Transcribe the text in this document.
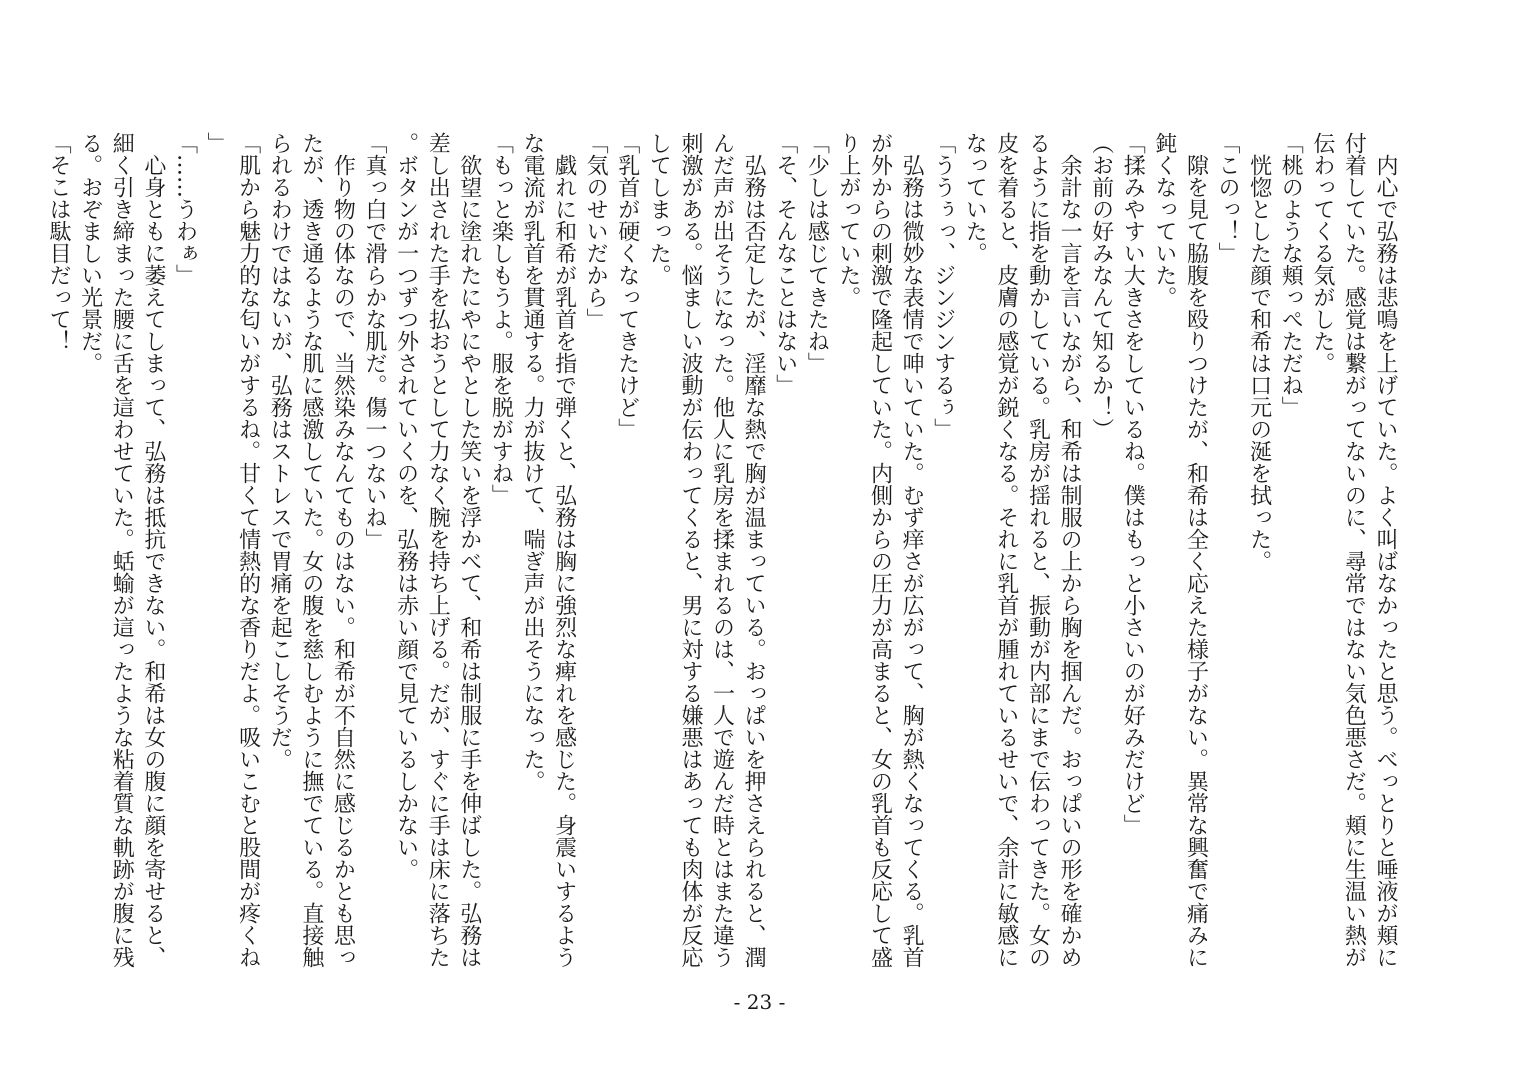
　内心で弘務は悲鳴を上げていた。よく叫ばなかったと思う。べっとりと唾液が頬に付着していた。感覚は繋がってないのに、尋常ではない気色悪さだ。頬に生温い熱が伝わってくる気がした。

「桃のような頬っぺただね」

　恍惚とした顔で和希は口元の涎を拭った。

「このっ！」

　隙を見て脇腹を殴りつけたが、和希は全く応えた様子がない。異常な興奮で痛みに鈍くなっていた。

「揉みやすい大きさをしているね。僕はもっと小さいのが好みだけど」

（お前の好みなんて知るか！）

　余計な一言を言いながら、和希は制服の上から胸を掴んだ。おっぱいの形を確かめるように指を動かしている。乳房が揺れると、振動が内部にまで伝わってきた。女の皮を着ると、皮膚の感覚が鋭くなる。それに乳首が腫れているせいで、余計に敏感になっていた。

「ううぅっ、ジンジンするぅ」

　弘務は微妙な表情で呻いていた。むず痒さが広がって、胸が熱くなってくる。乳首が外からの刺激で隆起していた。内側からの圧力が高まると、女の乳首も反応して盛り上がっていた。

「少しは感じてきたね」

「そ、そんなことはない」

　弘務は否定したが、淫靡な熱で胸が温まっている。おっぱいを押さえられると、潤んだ声が出そうになった。他人に乳房を揉まれるのは、一人で遊んだ時とはまた違う刺激がある。悩ましい波動が伝わってくると、男に対する嫌悪はあっても肉体が反応してしまった。

「乳首が硬くなってきたけど」

「気のせいだから」

　戯れに和希が乳首を指で弾くと、弘務は胸に強烈な痺れを感じた。身震いするような電流が乳首を貫通する。力が抜けて、喘ぎ声が出そうになった。

「もっと楽しもうよ。服を脱がすね」

　欲望に塗れたにやにやとした笑いを浮かべて、和希は制服に手を伸ばした。弘務は差し出された手を払おうとして力なく腕を持ち上げる。だが、すぐに手は床に落ちた。ボタンが一つずつ外されていくのを、弘務は赤い顔で見ているしかない。

「真っ白で滑らかな肌だ。傷一つないね」

　作り物の体なので、当然染みなんてものはない。和希が不自然に感じるかとも思ったが、透き通るような肌に感激していた。女の腹を慈しむように撫でている。直接触られるわけではないが、弘務はストレスで胃痛を起こしそうだ。

「肌から魅力的な匂いがするね。甘くて情熱的な香りだよ。吸いこむと股間が疼くね」

「……うわぁ」

　心身ともに萎えてしまって、弘務は抵抗できない。和希は女の腹に顔を寄せると、細く引き締まった腰に舌を這わせていた。蛞蝓が這ったような粘着質な軌跡が腹に残る。おぞましい光景だ。

「そこは駄目だって！

- 23 -
